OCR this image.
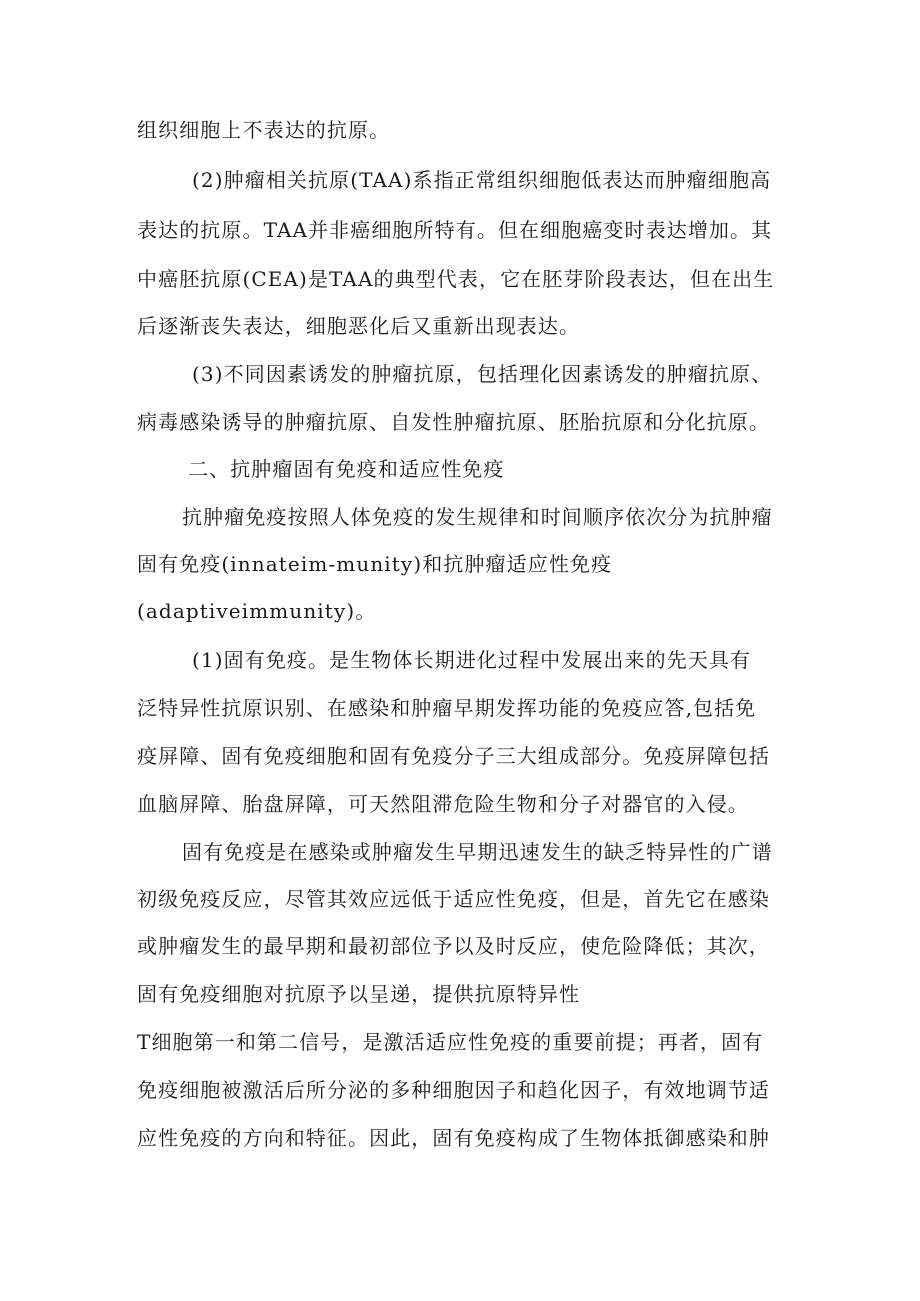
组织细胞上不表达的抗原。
(2)肿瘤相关抗原(TAA)系指正常组织细胞低表达而肿瘤细胞高
表达的抗原。TAA并非癌细胞所特有。但在细胞癌变时表达增加。其
中癌胚抗原(CEA)是TAA的典型代表，它在胚芽阶段表达，但在出生
后逐渐丧失表达，细胞恶化后又重新出现表达。
(3)不同因素诱发的肿瘤抗原，包括理化因素诱发的肿瘤抗原、
病毒感染诱导的肿瘤抗原、自发性肿瘤抗原、胚胎抗原和分化抗原。
二、抗肿瘤固有免疫和适应性免疫
抗肿瘤免疫按照人体免疫的发生规律和时间顺序依次分为抗肿瘤
固有免疫(innateim-munity)和抗肿瘤适应性免疫
(adaptiveimmunity)。
(1)固有免疫。是生物体长期进化过程中发展出来的先天具有
泛特异性抗原识别、在感染和肿瘤早期发挥功能的免疫应答,包括免
疫屏障、固有免疫细胞和固有免疫分子三大组成部分。免疫屏障包括
血脑屏障、胎盘屏障，可天然阻滞危险生物和分子对器官的入侵。
固有免疫是在感染或肿瘤发生早期迅速发生的缺乏特异性的广谱
初级免疫反应，尽管其效应远低于适应性免疫，但是，首先它在感染
或肿瘤发生的最早期和最初部位予以及时反应，使危险降低；其次，
固有免疫细胞对抗原予以呈递，提供抗原特异性
T细胞第一和第二信号，是激活适应性免疫的重要前提；再者，固有
免疫细胞被激活后所分泌的多种细胞因子和趋化因子，有效地调节适
应性免疫的方向和特征。因此，固有免疫构成了生物体抵御感染和肿
